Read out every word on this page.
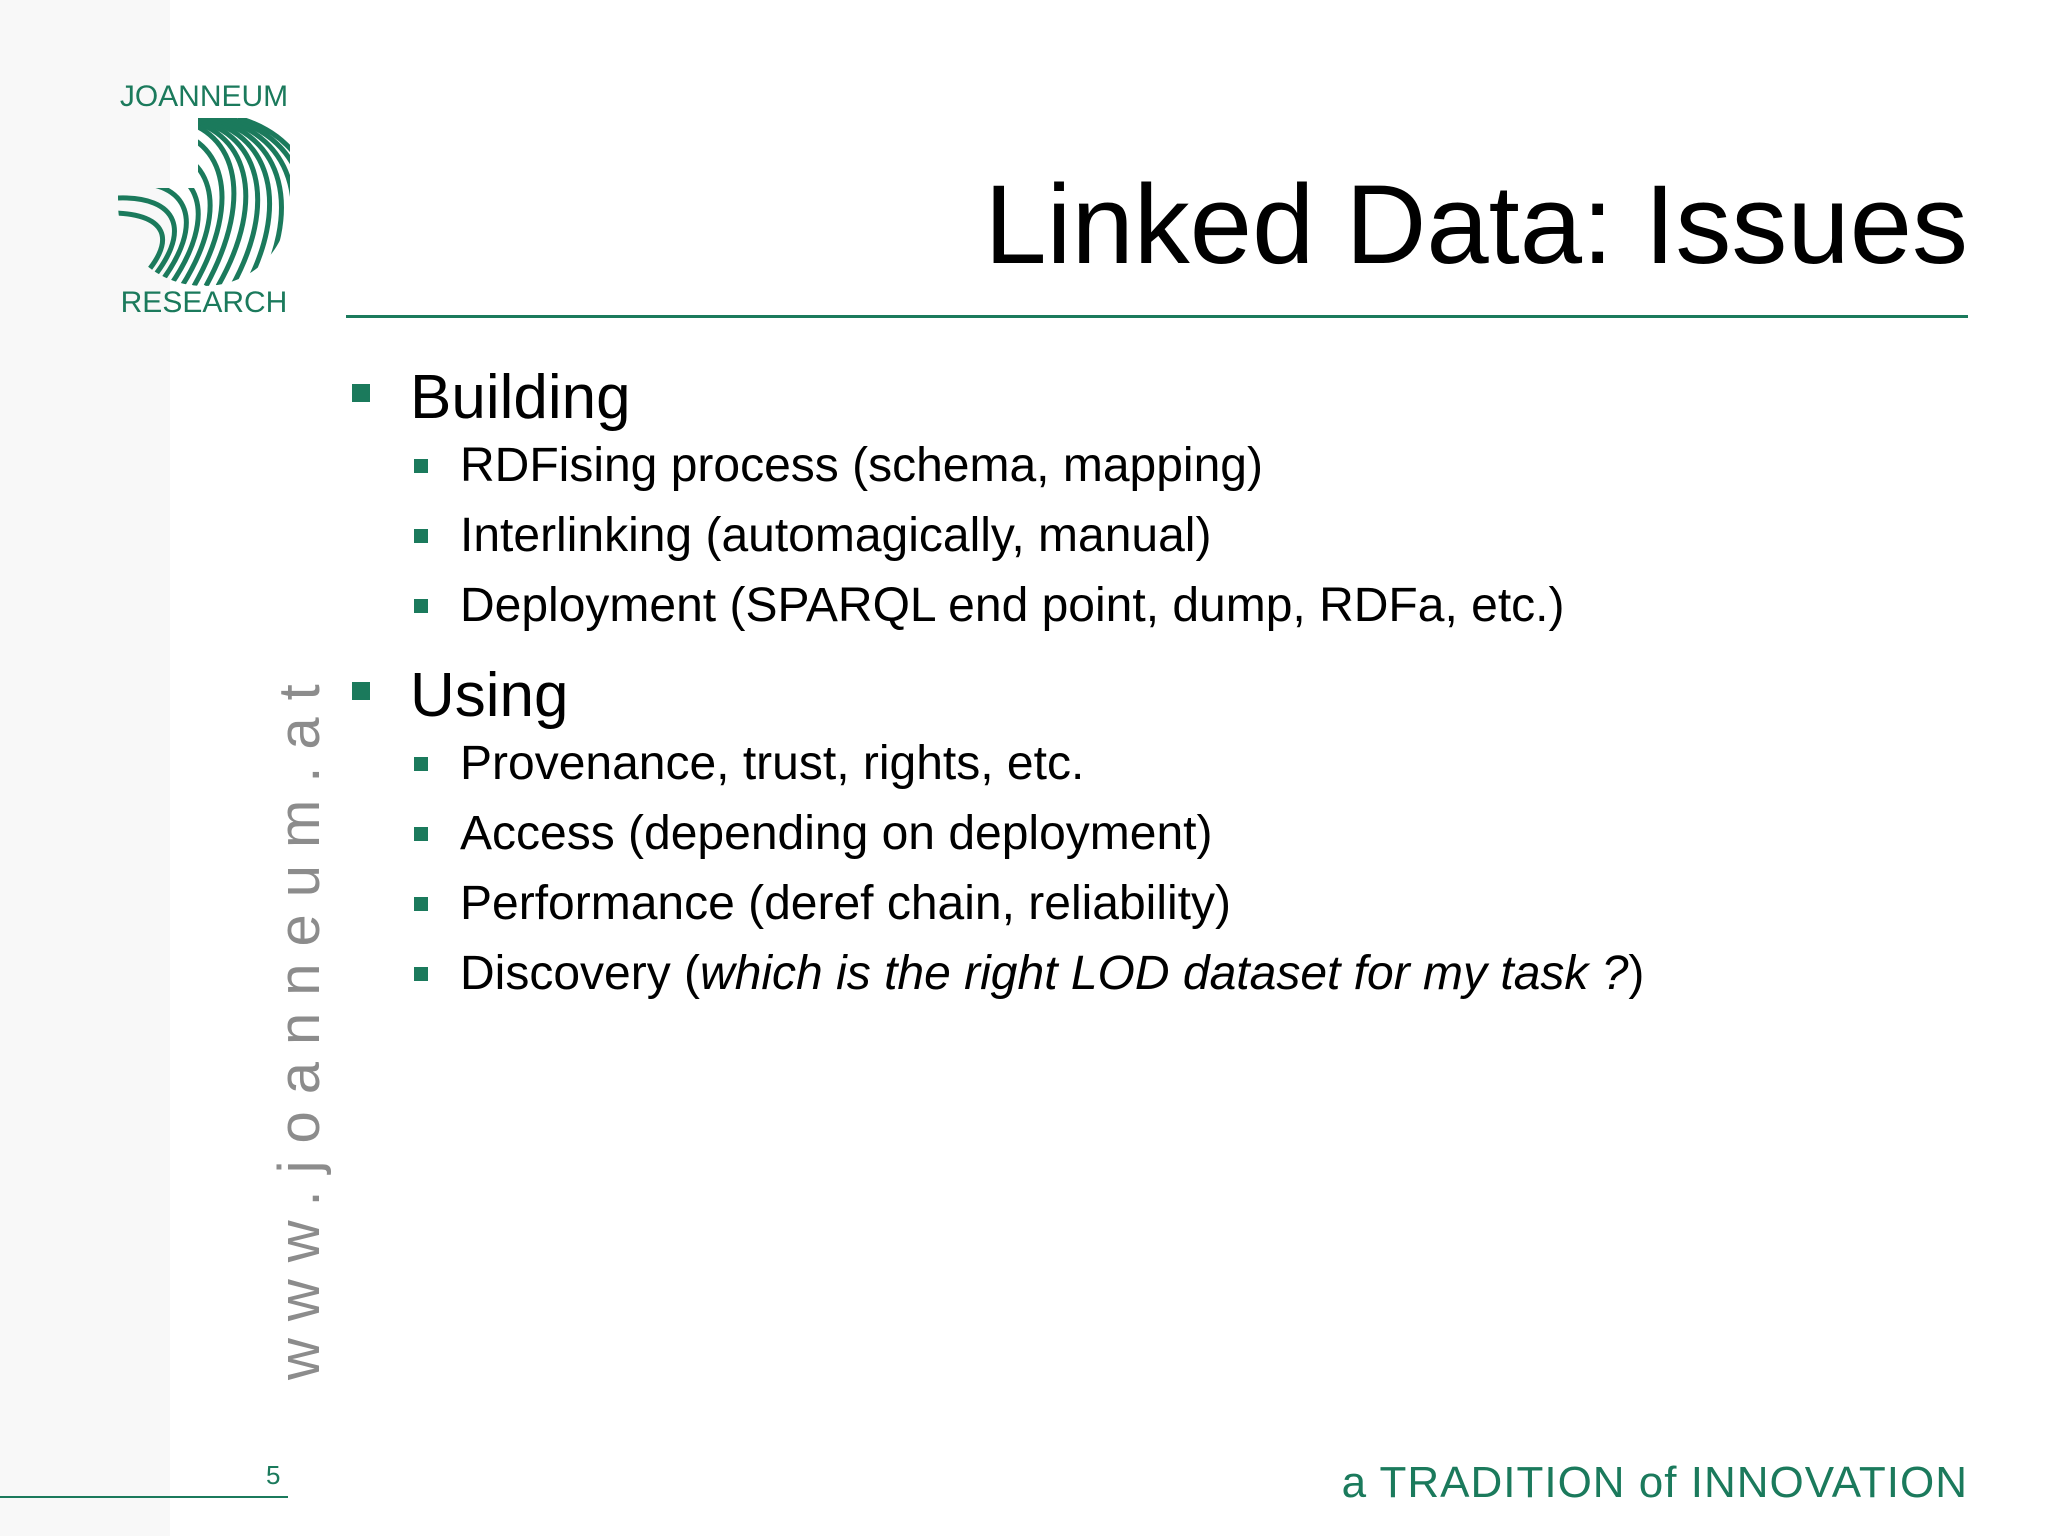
JOANNEUM
RESEARCH
Linked Data: Issues
Building
RDFising process (schema, mapping)
Interlinking (automagically, manual)
Deployment (SPARQL end point, dump, RDFa, etc.)
Using
Provenance, trust, rights, etc.
Access (depending on deployment)
Performance (deref chain, reliability)
Discovery (which is the right LOD dataset for my task ?)
www.joanneum.at
5	a TRADITION of INNOVATION
